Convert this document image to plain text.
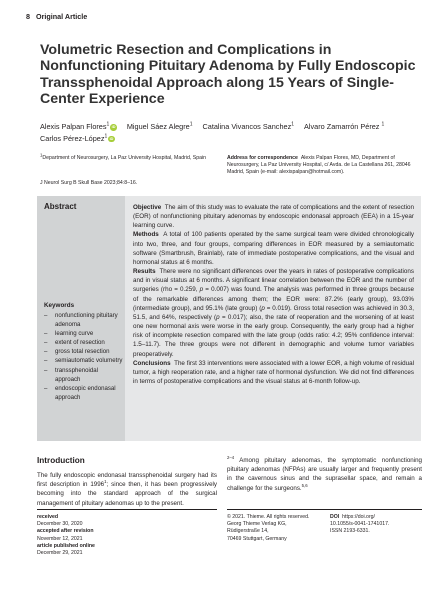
8 Original Article
Volumetric Resection and Complications in Nonfunctioning Pituitary Adenoma by Fully Endoscopic Transsphenoidal Approach along 15 Years of Single-Center Experience
Alexis Palpan Flores$^1$ iD Miguel Sáez Alegre$^1$ Catalina Vivancos Sanchez$^1$ Alvaro Zamarrón Pérez $^1$
Carlos Pérez-López$^1$ iD
$^1$Department of Neurosurgery, La Paz University Hospital, Madrid, Spain	Address for correspondence Alexis Palpan Flores, MD, Department of Neurosurgery, La Paz University Hospital, c/ Avda. de La Castellana 261, 28046 Madrid, Spain (e-mail: alexispalpan@hotmail.com).
J Neurol Surg B Skull Base 2023;84:8–16.
Abstract
Keywords
– nonfunctioning pituitary adenoma
– learning curve
– extent of resection
– gross total resection
– semiautomatic volumetry
– transsphenoidal approach
– endoscopic endonasal approach

Objective The aim of this study was to evaluate the rate of complications and the extent of resection (EOR) of nonfunctioning pituitary adenomas by endoscopic endonasal approach (EEA) in a 15-year learning curve.

Methods A total of 100 patients operated by the same surgical team were divided chronologically into two, three, and four groups, comparing differences in EOR measured by a semiautomatic software (Smartbrush, Brainlab), rate of immediate postoperative complications, and the visual and hormonal status at 6 months.

Results There were no significant differences over the years in rates of postoperative complications and in visual status at 6 months. A significant linear correlation between the EOR and the number of surgeries (rho = 0.259, p = 0.007) was found. The analysis was performed in three groups because of the remarkable differences among them; the EOR were: 87.2% (early group), 93.03% (intermediate group), and 95.1% (late group) (p = 0.019). Gross total resection was achieved in 30.3, 51.5, and 64%, respectively (p = 0.017); also, the rate of reoperation and the worsening of at least one new hormonal axis were worse in the early group. Consequently, the early group had a higher risk of incomplete resection compared with the late group (odds ratio: 4.2; 95% confidence interval: 1.5–11.7). The three groups were not different in demographic and volume tumor variables preoperatively.

Conclusions The first 33 interventions were associated with a lower EOR, a high volume of residual tumor, a high reoperation rate, and a higher rate of hormonal dysfunction. We did not find differences in terms of postoperative complications and the visual status at 6-month follow-up.

Introduction
The fully endoscopic endonasal transsphenoidal surgery had its first description in 1996$^1$; since then, it has been progressively becoming into the standard approach of the surgical management of pituitary adenomas up to the present.
$^{2-4}$ Among pituitary adenomas, the symptomatic nonfunctioning pituitary adenomas (NFPAs) are usually larger and frequently present in the cavernous sinus and the suprasellar space, and remain a challenge for the surgeons.$^{5,6}$
received
December 30, 2020
accepted after revision
November 12, 2021
article published online
December 29, 2021
© 2021. Thieme. All rights reserved.
Georg Thieme Verlag KG,
Rüdigerstraße 14,
70469 Stuttgart, Germany
DOI https://doi.org/
10.1055/s-0041-1741017.
ISSN 2193-6331.
